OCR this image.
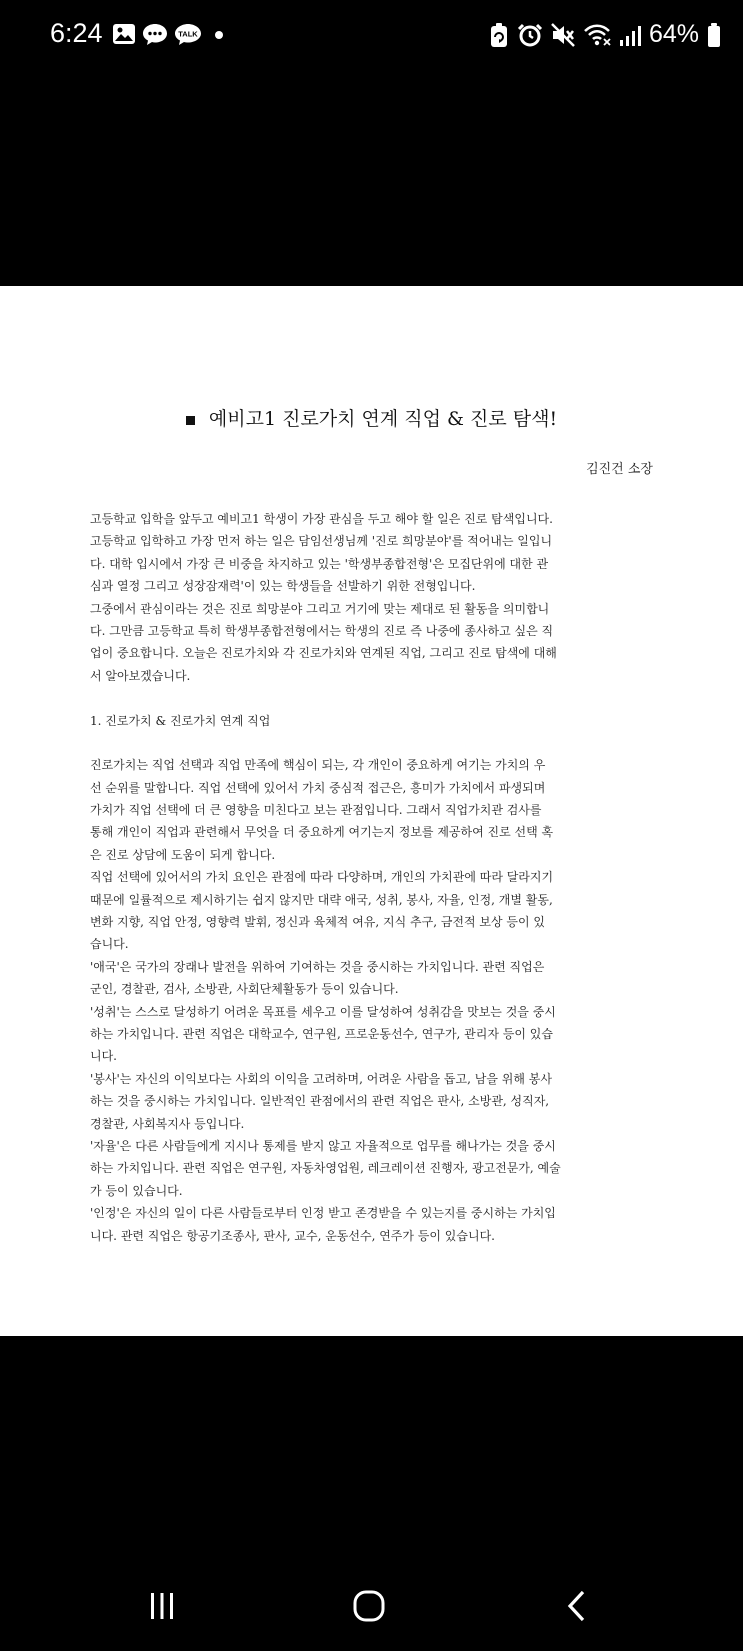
6:24	TALK	64%
예비고1 진로가치 연계 직업 & 진로 탐색!
김진건 소장
고등학교 입학을 앞두고 예비고1 학생이 가장 관심을 두고 해야 할 일은 진로 탐색입니다.
고등학교 입학하고 가장 먼저 하는 일은 담임선생님께 '진로 희망분야'를 적어내는 일입니
다. 대학 입시에서 가장 큰 비중을 차지하고 있는 '학생부종합전형'은 모집단위에 대한 관
심과 열정 그리고 성장잠재력'이 있는 학생들을 선발하기 위한 전형입니다.
그중에서 관심이라는 것은 진로 희망분야 그리고 거기에 맞는 제대로 된 활동을 의미합니
다. 그만큼 고등학교 특히 학생부종합전형에서는 학생의 진로 즉 나중에 종사하고 싶은 직
업이 중요합니다. 오늘은 진로가치와 각 진로가치와 연계된 직업, 그리고 진로 탐색에 대해
서 알아보겠습니다.
1. 진로가치 & 진로가치 연계 직업
진로가치는 직업 선택과 직업 만족에 핵심이 되는, 각 개인이 중요하게 여기는 가치의 우
선 순위를 말합니다. 직업 선택에 있어서 가치 중심적 접근은, 흥미가 가치에서 파생되며
가치가 직업 선택에 더 큰 영향을 미친다고 보는 관점입니다. 그래서 직업가치관 검사를
통해 개인이 직업과 관련해서 무엇을 더 중요하게 여기는지 정보를 제공하여 진로 선택 혹
은 진로 상담에 도움이 되게 합니다.
직업 선택에 있어서의 가치 요인은 관점에 따라 다양하며, 개인의 가치관에 따라 달라지기
때문에 일률적으로 제시하기는 쉽지 않지만 대략 애국, 성취, 봉사, 자율, 인정, 개별 활동,
변화 지향, 직업 안정, 영향력 발휘, 정신과 육체적 여유, 지식 추구, 금전적 보상 등이 있
습니다.
'애국'은 국가의 장래나 발전을 위하여 기여하는 것을 중시하는 가치입니다. 관련 직업은
군인, 경찰관, 검사, 소방관, 사회단체활동가 등이 있습니다.
'성취'는 스스로 달성하기 어려운 목표를 세우고 이를 달성하여 성취감을 맛보는 것을 중시
하는 가치입니다. 관련 직업은 대학교수, 연구원, 프로운동선수, 연구가, 관리자 등이 있습
니다.
'봉사'는 자신의 이익보다는 사회의 이익을 고려하며, 어려운 사람을 돕고, 남을 위해 봉사
하는 것을 중시하는 가치입니다. 일반적인 관점에서의 관련 직업은 판사, 소방관, 성직자,
경찰관, 사회복지사 등입니다.
'자율'은 다른 사람들에게 지시나 통제를 받지 않고 자율적으로 업무를 해나가는 것을 중시
하는 가치입니다. 관련 직업은 연구원, 자동차영업원, 레크레이션 진행자, 광고전문가, 예술
가 등이 있습니다.
'인정'은 자신의 일이 다른 사람들로부터 인정 받고 존경받을 수 있는지를 중시하는 가치입
니다. 관련 직업은 항공기조종사, 판사, 교수, 운동선수, 연주가 등이 있습니다.
